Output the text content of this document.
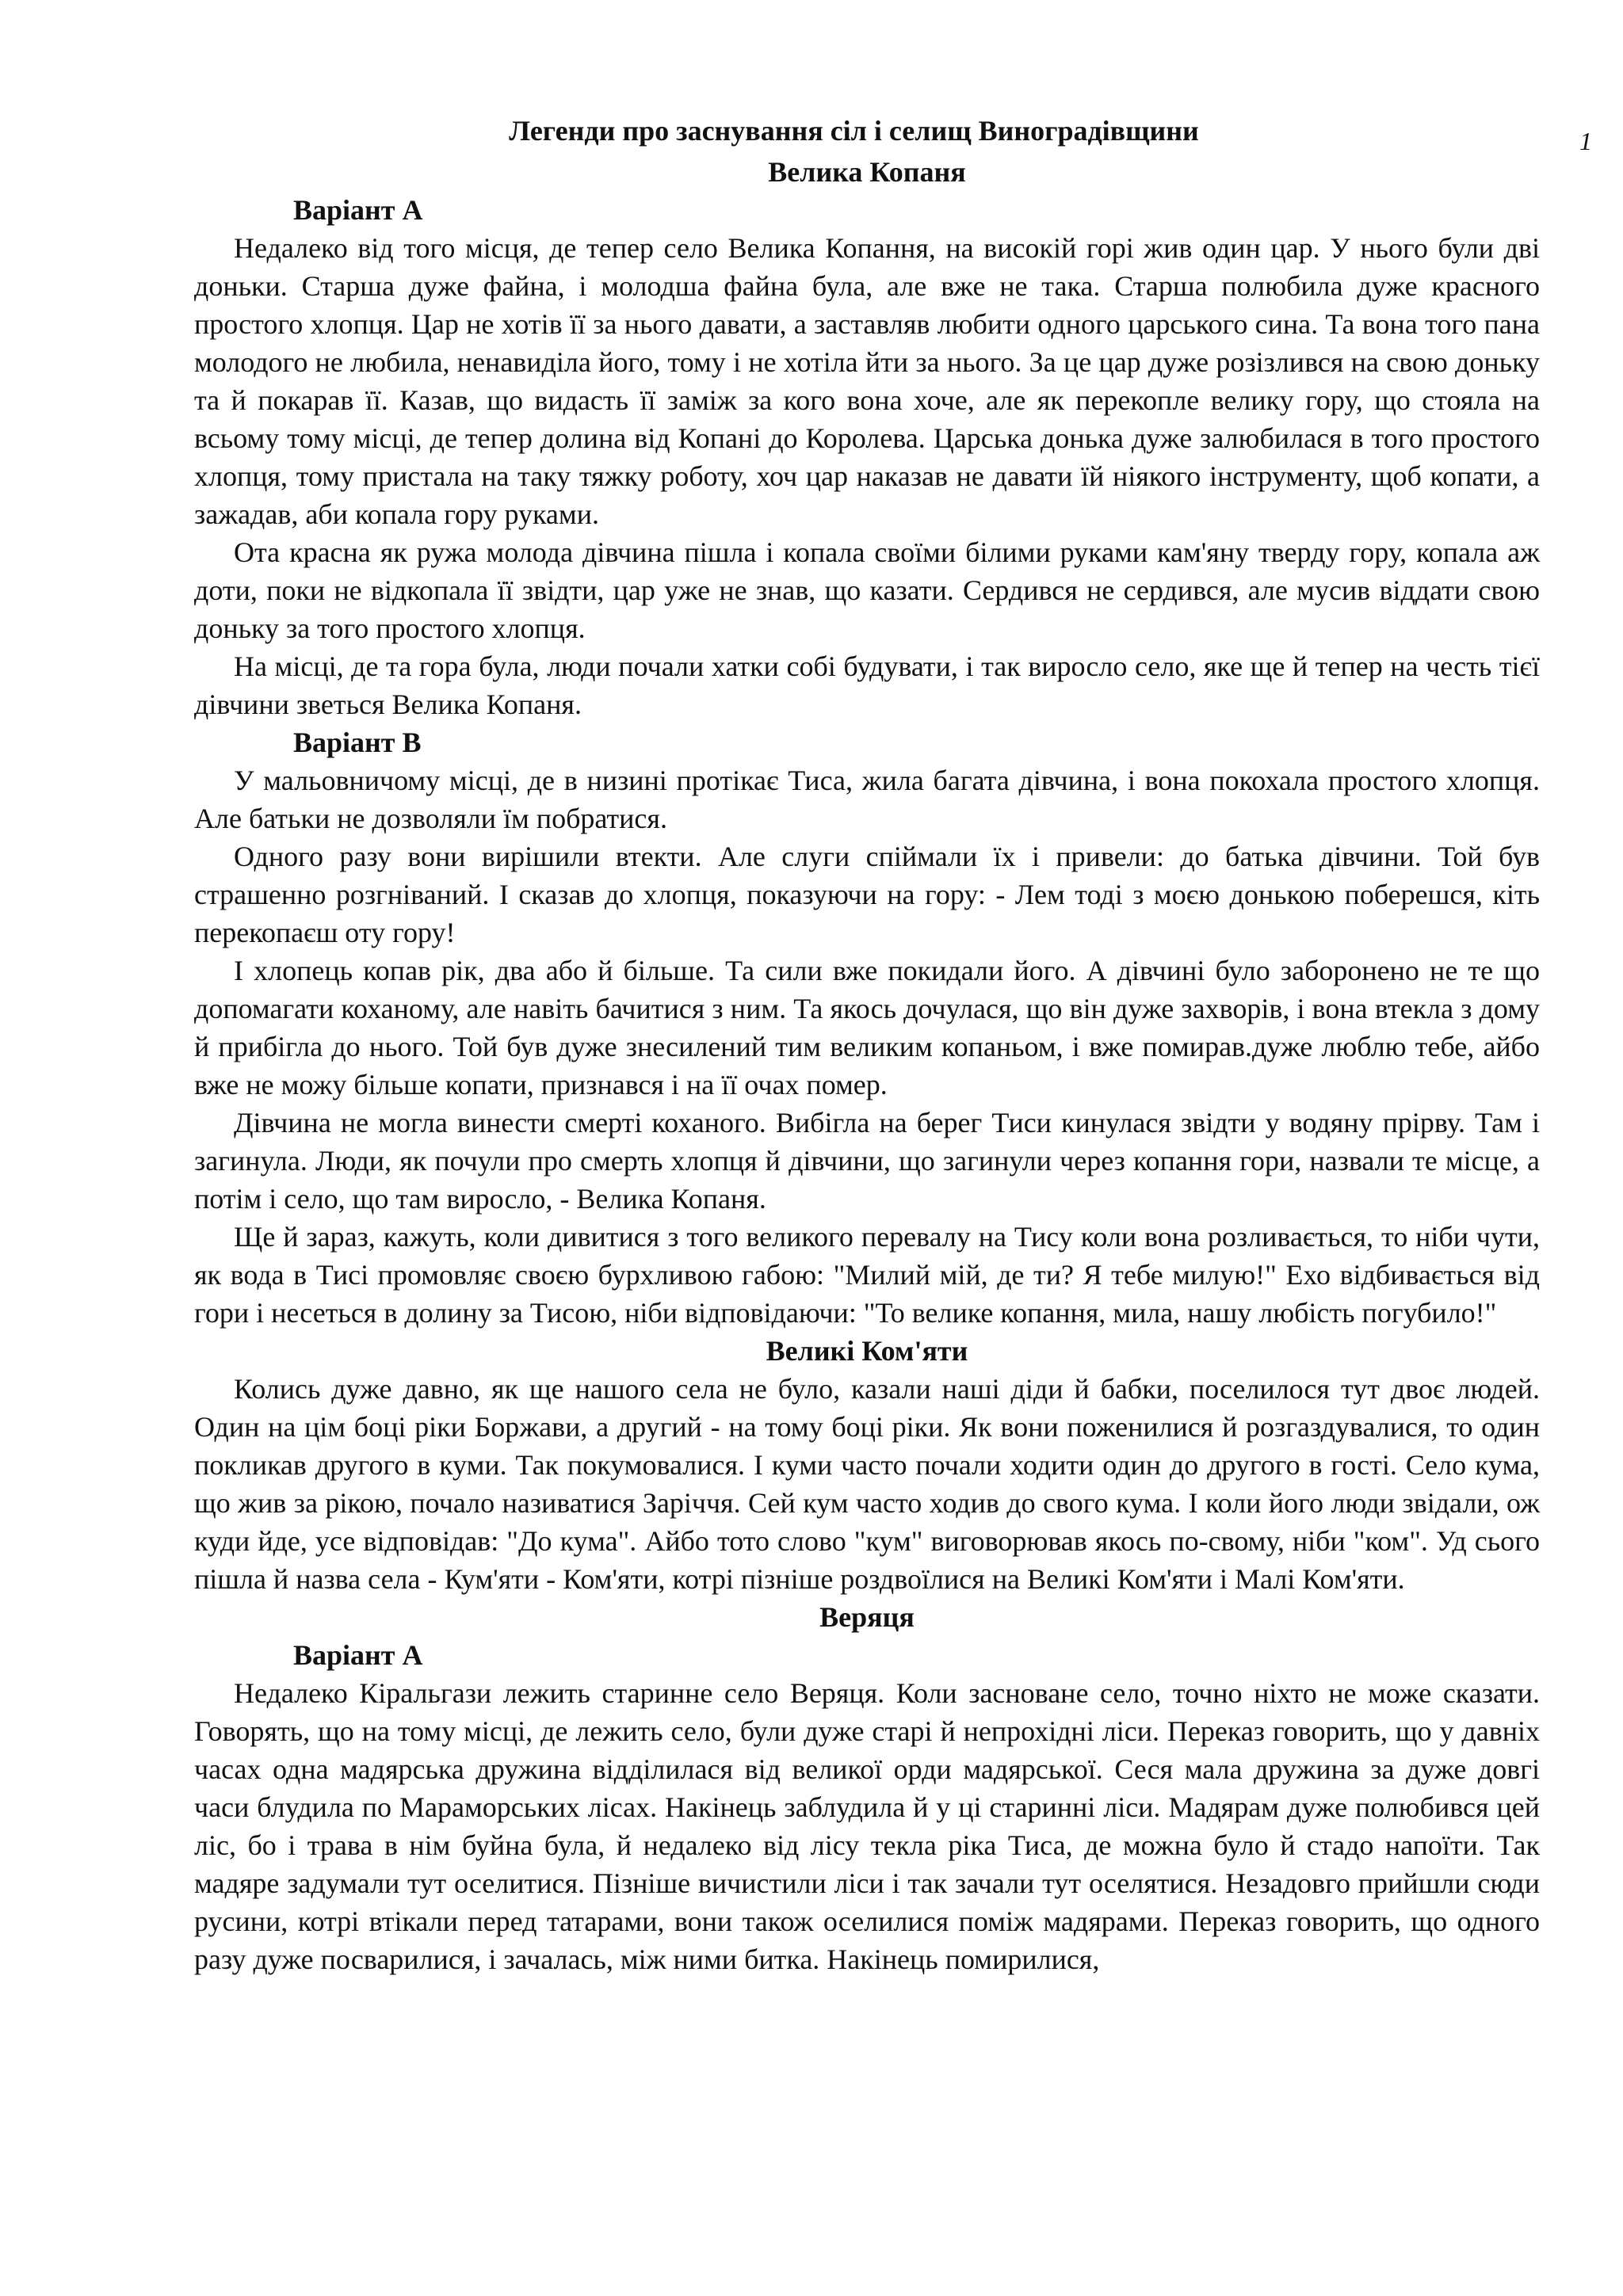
1
Легенди про заснування сіл і селищ Виноградівщини
Велика Копаня
Варіант А

Недалеко від того місця, де тепер село Велика Копання, на високій горі жив один цар. У нього були дві доньки. Старша дуже файна, і молодша файна була, але вже не така. Старша полюбила дуже красного простого хлопця. Цар не хотів її за нього давати, а заставляв любити одного царського сина. Та вона того пана молодого не любила, ненавиділа його, тому і не хотіла йти за нього. За це цар дуже розізлився на свою доньку та й покарав її. Казав, що видасть її заміж за кого вона хоче, але як перекопле велику гору, що стояла на всьому тому місці, де тепер долина від Копані до Королева. Царська донька дуже залюбилася в того простого хлопця, тому пристала на таку тяжку роботу, хоч цар наказав не давати їй ніякого інструменту, щоб копати, а зажадав, аби копала гору руками.

Ота красна як ружа молода дівчина пішла і копала своїми білими руками кам'яну тверду гору, копала аж доти, поки не відкопала її звідти, цар уже не знав, що казати. Сердився не сердився, але мусив віддати свою доньку за того простого хлопця.

На місці, де та гора була, люди почали хатки собі будувати, і так виросло село, яке ще й тепер на честь тієї дівчини зветься Велика Копаня.

Варіант В

У мальовничому місці, де в низині протікає Тиса, жила багата дівчина, і вона покохала простого хлопця. Але батьки не дозволяли їм побратися.

Одного разу вони вирішили втекти. Але слуги спіймали їх і привели: до батька дівчини. Той був страшенно розгніваний. І сказав до хлопця, показуючи на гору: - Лем тоді з моєю донькою поберешся, кіть перекопаєш оту гору!

І хлопець копав рік, два або й більше. Та сили вже покидали його. А дівчині було заборонено не те що допомагати коханому, але навіть бачитися з ним. Та якось дочулася, що він дуже захворів, і вона втекла з дому й прибігла до нього. Той був дуже знесилений тим великим копаньом, і вже помирав.дуже люблю тебе, айбо вже не можу більше копати, признався і на її очах помер.

Дівчина не могла винести смерті коханого. Вибігла на берег Тиси кинулася звідти у водяну прірву. Там і загинула. Люди, як почули про смерть хлопця й дівчини, що загинули через копання гори, назвали те місце, а потім і село, що там виросло, - Велика Копаня.

Ще й зараз, кажуть, коли дивитися з того великого перевалу на Тису коли вона розливається, то ніби чути, як вода в Тисі промовляє своєю бурхливою габою: "Милий мій, де ти? Я тебе милую!" Ехо відбивається від гори і несеться в долину за Тисою, ніби відповідаючи: "То велике копання, мила, нашу любість погубило!"

Великі Ком'яти

Колись дуже давно, як ще нашого села не було, казали наші діди й бабки, поселилося тут двоє людей. Один на цім боці ріки Боржави, а другий - на тому боці ріки. Як вони поженилися й розгаздувалися, то один покликав другого в куми. Так покумовалися. І куми часто почали ходити один до другого в гості. Село кума, що жив за рікою, почало називатися Заріччя. Сей кум часто ходив до свого кума. І коли його люди звідали, ож куди йде, усе відповідав: "До кума". Айбо тото слово "кум" виговорював якось по-свому, ніби "ком". Уд сього пішла й назва села - Кум'яти - Ком'яти, котрі пізніше роздвоїлися на Великі Ком'яти і Малі Ком'яти.

Веряця
Варіант А

Недалеко Кіральгази лежить старинне село Веряця. Коли засноване село, точно ніхто не може сказати. Говорять, що на тому місці, де лежить село, були дуже старі й непрохідні ліси. Переказ говорить, що у давніх часах одна мадярська дружина відділилася від великої орди мадярської. Сеся мала дружина за дуже довгі часи блудила по Мараморських лісах. Накінець заблудила й у ці старинні ліси. Мадярам дуже полюбився цей ліс, бо і трава в нім буйна була, й недалеко від лісу текла ріка Тиса, де можна було й стадо напоїти. Так мадяре задумали тут оселитися. Пізніше вичистили ліси і так зачали тут оселятися. Незадовго прийшли сюди русини, котрі втікали перед татарами, вони також оселилися поміж мадярами. Переказ говорить, що одного разу дуже посварилися, і зачалась, між ними битка. Накінець помирилися,
